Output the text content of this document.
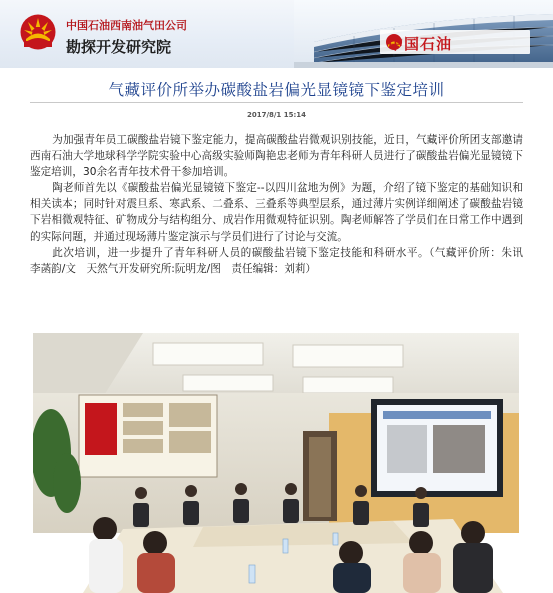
中国石油西南油气田公司
勘探开发研究院	中国石油
气藏评价所举办碳酸盐岩偏光显镜镜下鉴定培训
2017/8/1 15:14

为加强青年员工碳酸盐岩镜下鉴定能力，提高碳酸盐岩微观识别技能，近日，气藏评价所团支部邀请西南石油大学地球科学学院实验中心高级实验师陶艳忠老师为青年科研人员进行了碳酸盐岩偏光显镜镜下鉴定培训，30余名青年技术骨干参加培训。

陶老师首先以《碳酸盐岩偏光显镜镜下鉴定--以四川盆地为例》为题，介绍了镜下鉴定的基础知识和相关读本；同时针对震旦系、寒武系、二叠系、三叠系等典型层系，通过薄片实例详细阐述了碳酸盐岩镜下岩相微观特征、矿物成分与结构组分、成岩作用微观特征识别。陶老师解答了学员们在日常工作中遇到的实际问题，并通过现场薄片鉴定演示与学员们进行了讨论与交流。

此次培训，进一步提升了青年科研人员的碳酸盐岩镜下鉴定技能和科研水平。（气藏评价所：朱讯　李菡韵/文　天然气开发研究所:阮明龙/图　责任编辑：刘莉）
